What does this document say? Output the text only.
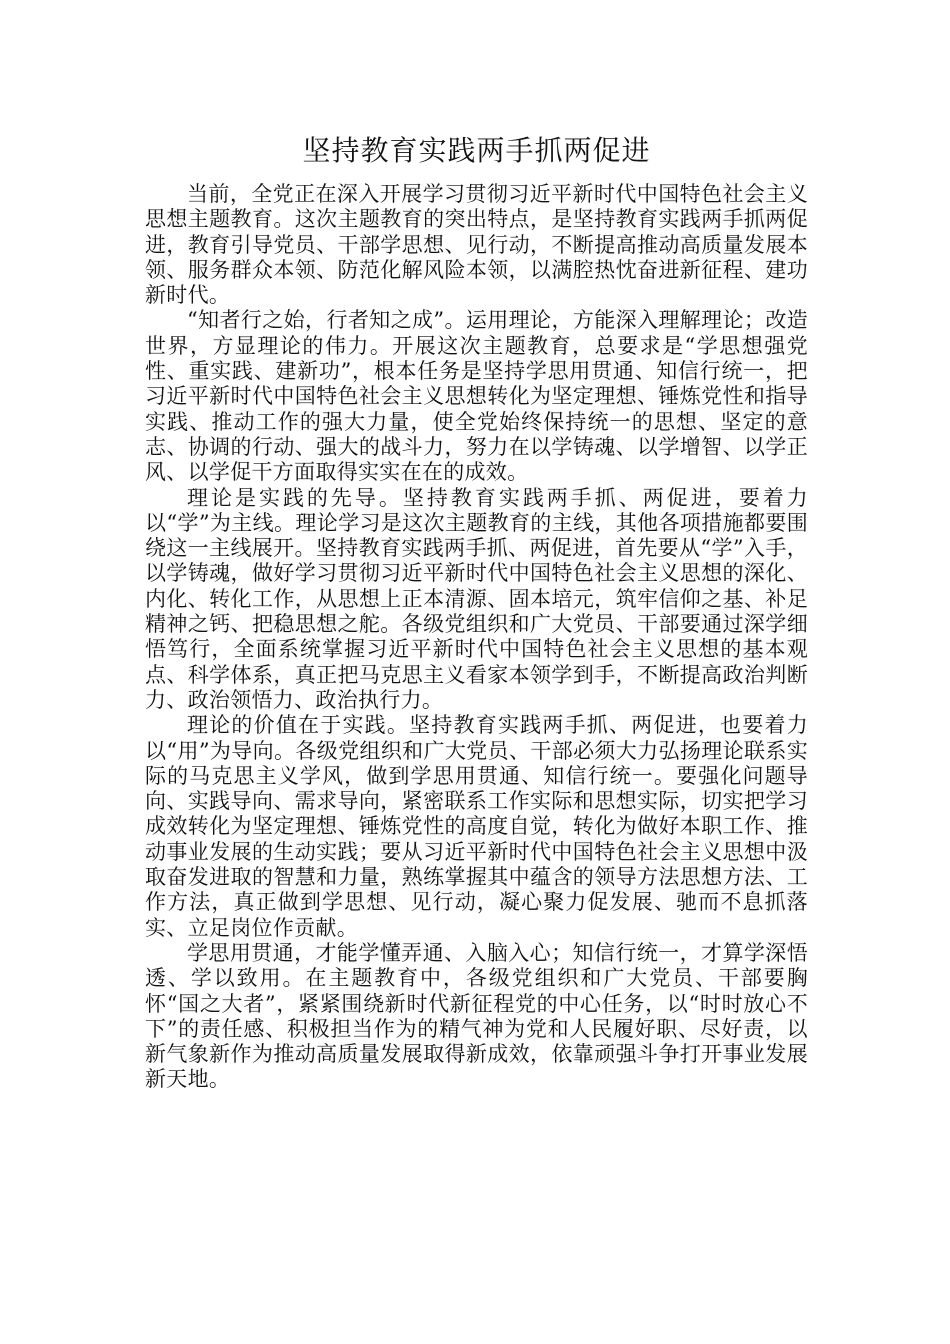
坚持教育实践两手抓两促进

当前，全党正在深入开展学习贯彻习近平新时代中国特色社会主义思想主题教育。这次主题教育的突出特点，是坚持教育实践两手抓两促进，教育引导党员、干部学思想、见行动，不断提高推动高质量发展本领、服务群众本领、防范化解风险本领，以满腔热忱奋进新征程、建功新时代。

“知者行之始，行者知之成”。运用理论，方能深入理解理论；改造世界，方显理论的伟力。开展这次主题教育，总要求是“学思想强党性、重实践、建新功”，根本任务是坚持学思用贯通、知信行统一，把习近平新时代中国特色社会主义思想转化为坚定理想、锤炼党性和指导实践、推动工作的强大力量，使全党始终保持统一的思想、坚定的意志、协调的行动、强大的战斗力，努力在以学铸魂、以学增智、以学正风、以学促干方面取得实实在在的成效。

理论是实践的先导。坚持教育实践两手抓、两促进，要着力以“学”为主线。理论学习是这次主题教育的主线，其他各项措施都要围绕这一主线展开。坚持教育实践两手抓、两促进，首先要从“学”入手，以学铸魂，做好学习贯彻习近平新时代中国特色社会主义思想的深化、内化、转化工作，从思想上正本清源、固本培元，筑牢信仰之基、补足精神之钙、把稳思想之舵。各级党组织和广大党员、干部要通过深学细悟笃行，全面系统掌握习近平新时代中国特色社会主义思想的基本观点、科学体系，真正把马克思主义看家本领学到手，不断提高政治判断力、政治领悟力、政治执行力。

理论的价值在于实践。坚持教育实践两手抓、两促进，也要着力以“用”为导向。各级党组织和广大党员、干部必须大力弘扬理论联系实际的马克思主义学风，做到学思用贯通、知信行统一。要强化问题导向、实践导向、需求导向，紧密联系工作实际和思想实际，切实把学习成效转化为坚定理想、锤炼党性的高度自觉，转化为做好本职工作、推动事业发展的生动实践；要从习近平新时代中国特色社会主义思想中汲取奋发进取的智慧和力量，熟练掌握其中蕴含的领导方法思想方法、工作方法，真正做到学思想、见行动，凝心聚力促发展、驰而不息抓落实、立足岗位作贡献。

学思用贯通，才能学懂弄通、入脑入心；知信行统一，才算学深悟透、学以致用。在主题教育中，各级党组织和广大党员、干部要胸怀“国之大者”，紧紧围绕新时代新征程党的中心任务，以“时时放心不下”的责任感、积极担当作为的精气神为党和人民履好职、尽好责，以新气象新作为推动高质量发展取得新成效，依靠顽强斗争打开事业发展新天地。
